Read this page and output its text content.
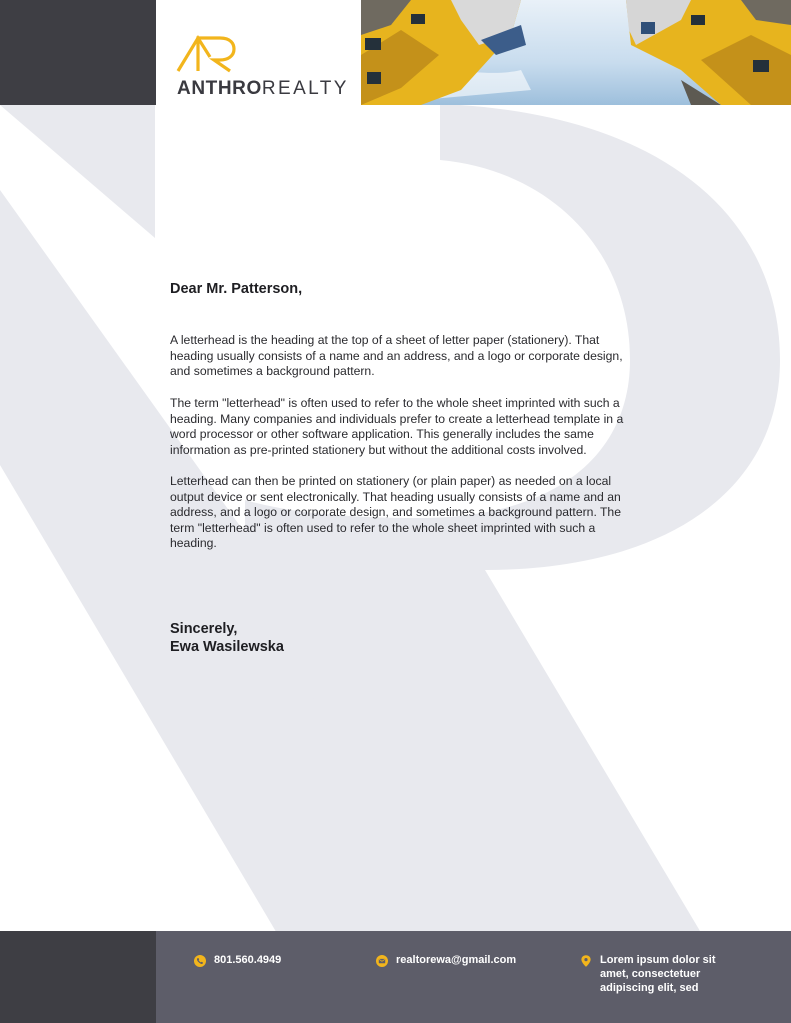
ANTHROREALTY
Dear Mr. Patterson,

A letterhead is the heading at the top of a sheet of letter paper (stationery). That heading usually consists of a name and an address, and a logo or corporate design, and sometimes a background pattern.

The term "letterhead" is often used to refer to the whole sheet imprinted with such a heading. Many companies and individuals prefer to create a letterhead template in a word processor or other software application. This generally includes the same information as pre-printed stationery but without the additional costs involved.

Letterhead can then be printed on stationery (or plain paper) as needed on a local output device or sent electronically. That heading usually consists of a name and an address, and a logo or corporate design, and sometimes a background pattern. The term "letterhead" is often used to refer to the whole sheet imprinted with such a heading.

Sincerely,
Ewa Wasilewska
801.560.4949	realtorewa@gmail.com	Lorem ipsum dolor sit amet, consectetuer adipiscing elit, sed
